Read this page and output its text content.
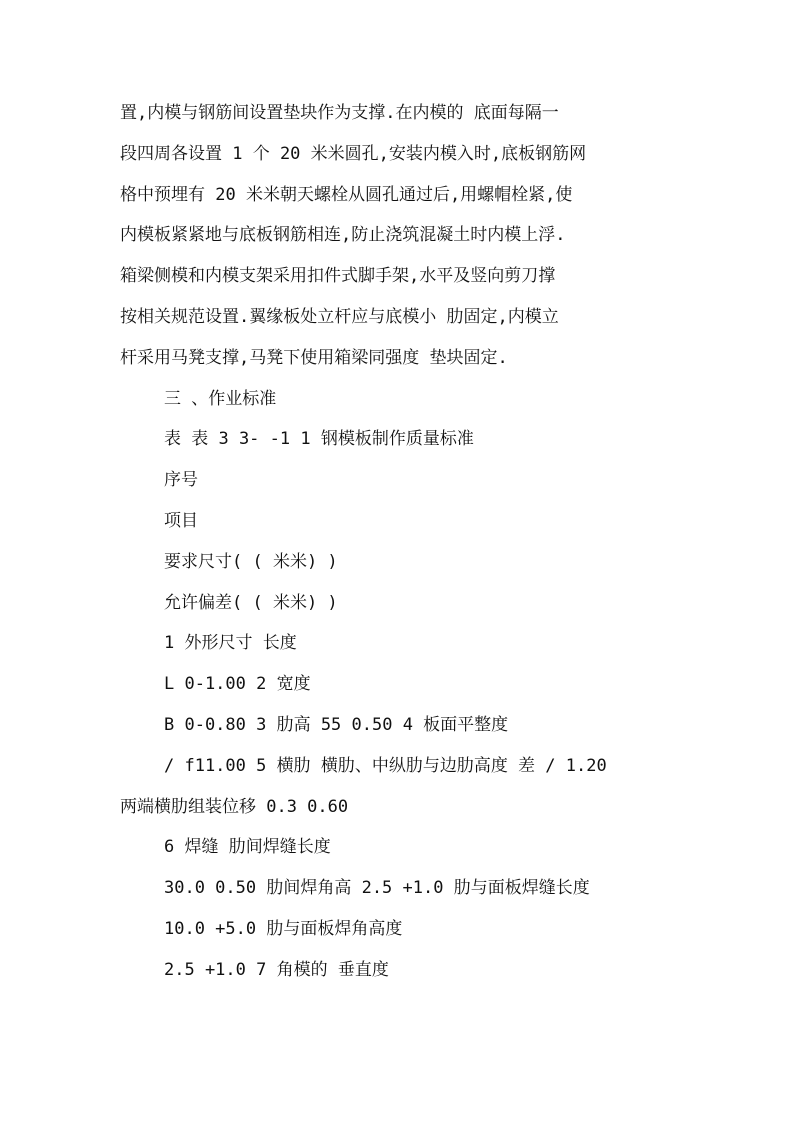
置,内模与钢筋间设置垫块作为支撑.在内模的 底面每隔一
段四周各设置 1 个 20 米米圆孔,安装内模入时,底板钢筋网
格中预埋有 20 米米朝天螺栓从圆孔通过后,用螺帽栓紧,使
内模板紧紧地与底板钢筋相连,防止浇筑混凝土时内模上浮.
箱梁侧模和内模支架采用扣件式脚手架,水平及竖向剪刀撑
按相关规范设置.翼缘板处立杆应与底模小 肋固定,内模立
杆采用马凳支撑,马凳下使用箱梁同强度 垫块固定.
三 、作业标准
表 表 3 3- -1 1 钢模板制作质量标准
序号
项目
要求尺寸( ( 米米) )
允许偏差( ( 米米) )
1 外形尺寸 长度
L 0-1.00 2 宽度
B 0-0.80 3 肋高 55 0.50 4 板面平整度
/ f11.00 5 横肋 横肋、中纵肋与边肋高度 差 / 1.20
两端横肋组装位移 0.3 0.60
6 焊缝 肋间焊缝长度
30.0 0.50 肋间焊角高 2.5 +1.0 肋与面板焊缝长度
10.0 +5.0 肋与面板焊角高度
2.5 +1.0 7 角模的 垂直度
